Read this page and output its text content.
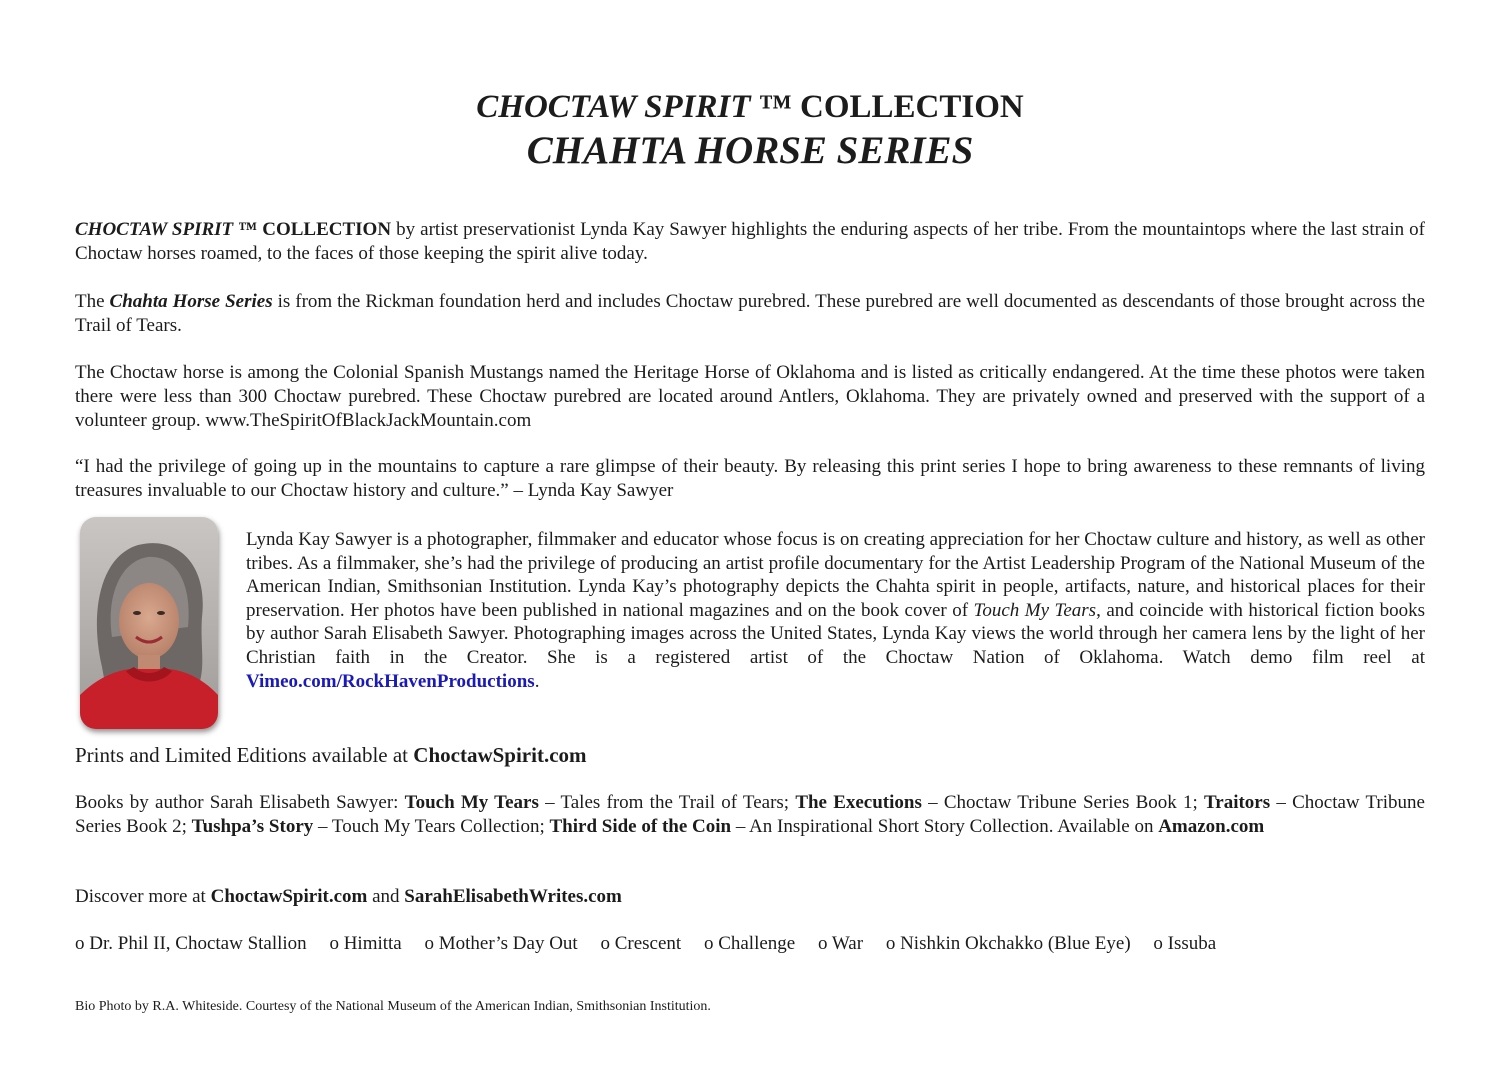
CHOCTAW SPIRIT ™ COLLECTION
CHAHTA HORSE SERIES

CHOCTAW SPIRIT ™ COLLECTION by artist preservationist Lynda Kay Sawyer highlights the enduring aspects of her tribe. From the mountaintops where the last strain of Choctaw horses roamed, to the faces of those keeping the spirit alive today.

The Chahta Horse Series is from the Rickman foundation herd and includes Choctaw purebred. These purebred are well documented as descendants of those brought across the Trail of Tears.

The Choctaw horse is among the Colonial Spanish Mustangs named the Heritage Horse of Oklahoma and is listed as critically endangered. At the time these photos were taken there were less than 300 Choctaw purebred. These Choctaw purebred are located around Antlers, Oklahoma. They are privately owned and preserved with the support of a volunteer group. www.TheSpiritOfBlackJackMountain.com

“I had the privilege of going up in the mountains to capture a rare glimpse of their beauty. By releasing this print series I hope to bring awareness to these remnants of living treasures invaluable to our Choctaw history and culture.” – Lynda Kay Sawyer

Lynda Kay Sawyer is a photographer, filmmaker and educator whose focus is on creating appreciation for her Choctaw culture and history, as well as other tribes. As a filmmaker, she’s had the privilege of producing an artist profile documentary for the Artist Leadership Program of the National Museum of the American Indian, Smithsonian Institution. Lynda Kay’s photography depicts the Chahta spirit in people, artifacts, nature, and historical places for their preservation. Her photos have been published in national magazines and on the book cover of Touch My Tears, and coincide with historical fiction books by author Sarah Elisabeth Sawyer. Photographing images across the United States, Lynda Kay views the world through her camera lens by the light of her Christian faith in the Creator. She is a registered artist of the Choctaw Nation of Oklahoma. Watch demo film reel at Vimeo.com/RockHavenProductions.

Prints and Limited Editions available at ChoctawSpirit.com

Books by author Sarah Elisabeth Sawyer: Touch My Tears – Tales from the Trail of Tears; The Executions – Choctaw Tribune Series Book 1; Traitors – Choctaw Tribune Series Book 2; Tushpa’s Story – Touch My Tears Collection; Third Side of the Coin – An Inspirational Short Story Collection. Available on Amazon.com

Discover more at ChoctawSpirit.com and SarahElisabethWrites.com

o Dr. Phil II, Choctaw Stallion o Himitta o Mother’s Day Out o Crescent o Challenge o War o Nishkin Okchakko (Blue Eye) o Issuba

Bio Photo by R.A. Whiteside. Courtesy of the National Museum of the American Indian, Smithsonian Institution.
